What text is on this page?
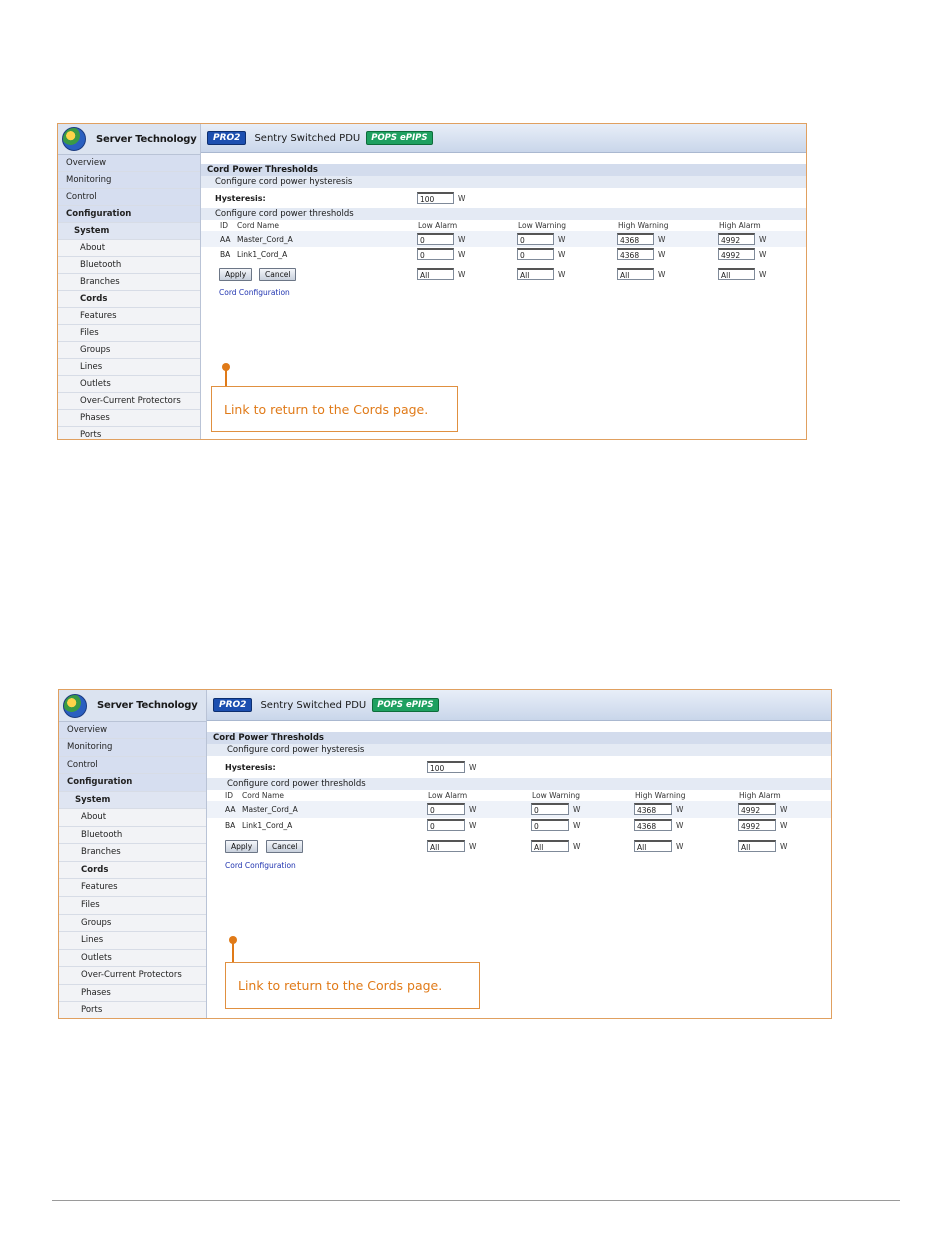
Server Technology
Overview
Monitoring
Control
Configuration
System
About
Bluetooth
Branches
Cords
Features
Files
Groups
Lines
Outlets
Over-Current Protectors
Phases
Ports
PRO2	Sentry Switched PDU	POPS ePIPS
Cord Power Thresholds
Configure cord power hysteresis
Hysteresis:	100	W
Configure cord power thresholds
ID Cord Name	Low Alarm	Low Warning	High Warning	High Alarm
AA Master_Cord_A	0	W	0	W	4368	W	4992	W
BA Link1_Cord_A	0	W	0	W	4368	W	4992	W
Apply	Cancel	All	W	All	W	All	W	All	W
Cord Configuration
Link to return to the Cords page.
Server Technology
Overview
Monitoring
Control
Configuration
System
About
Bluetooth
Branches
Cords
Features
Files
Groups
Lines
Outlets
Over-Current Protectors
Phases
Ports
PRO2	Sentry Switched PDU	POPS ePIPS
Cord Power Thresholds
Configure cord power hysteresis
Hysteresis:	100	W
Configure cord power thresholds
ID Cord Name	Low Alarm	Low Warning	High Warning	High Alarm
AA Master_Cord_A	0	W	0	W	4368	W	4992	W
BA Link1_Cord_A	0	W	0	W	4368	W	4992	W
Apply	Cancel	All	W	All	W	All	W	All	W
Cord Configuration
Link to return to the Cords page.
